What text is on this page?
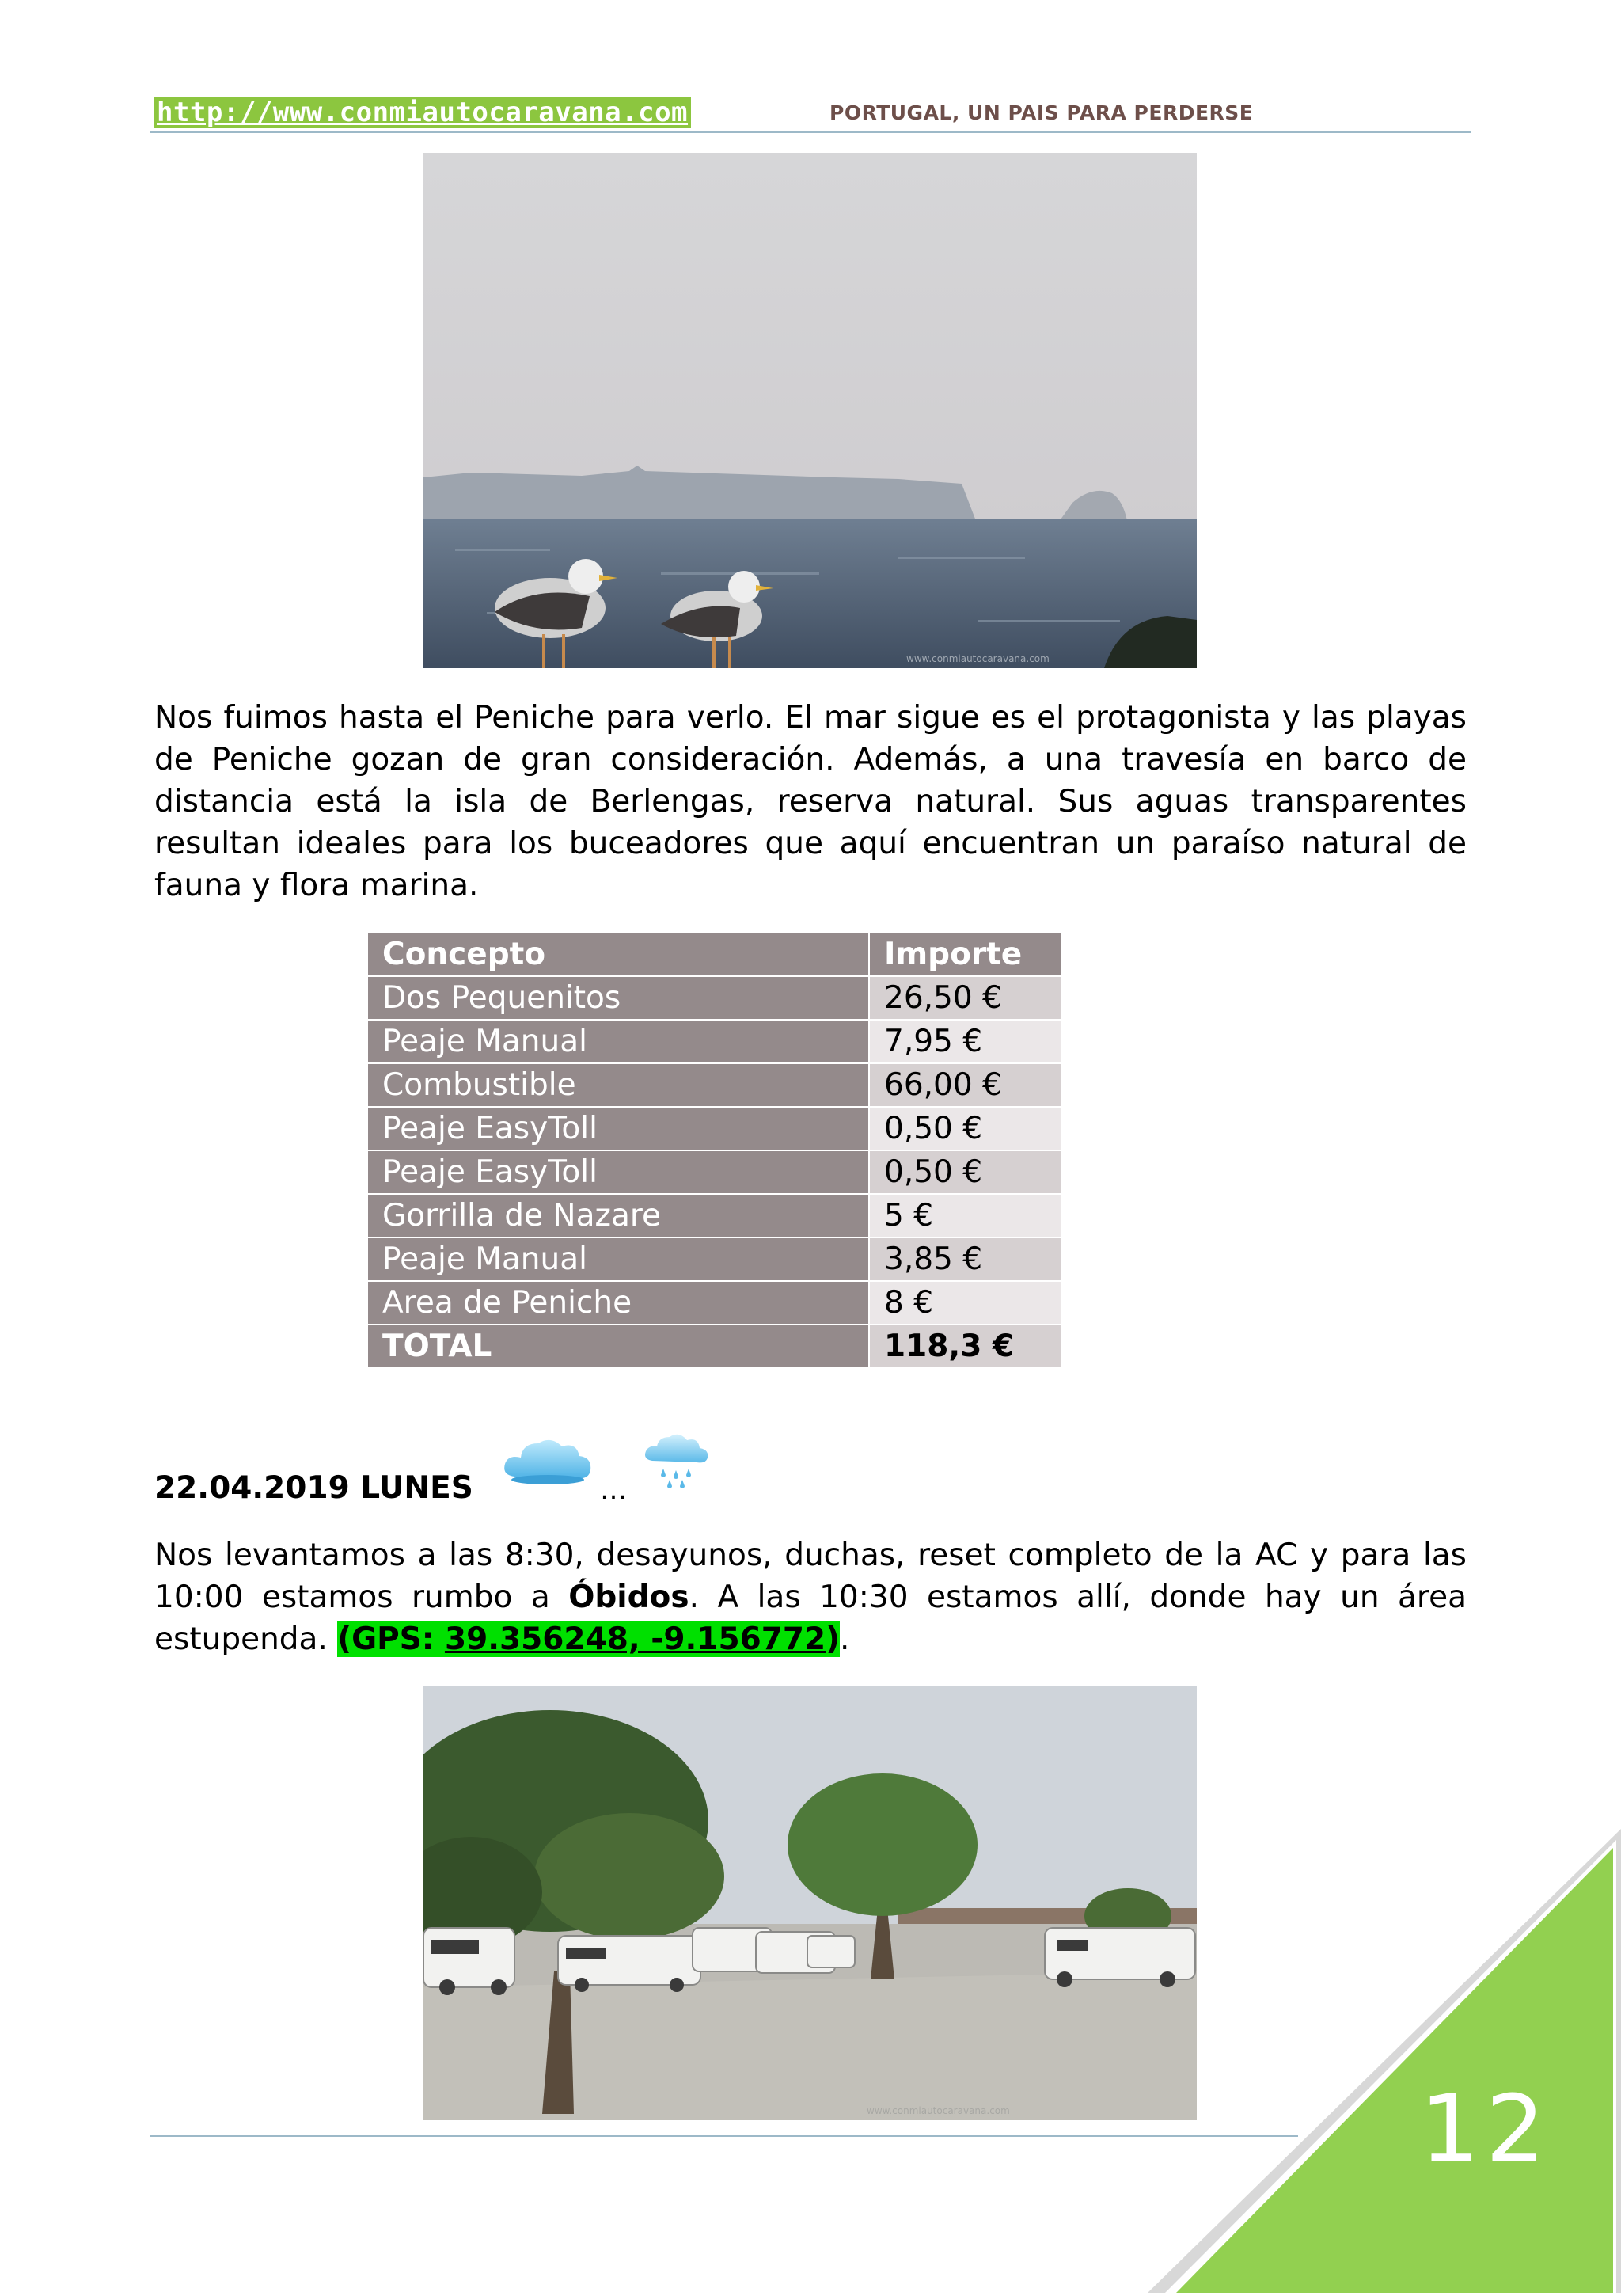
http://www.conmiautocaravana.com	PORTUGAL, UN PAIS PARA PERDERSE
www.conmiautocaravana.com

Nos fuimos hasta el Peniche para verlo. El mar sigue es el protagonista y las playas de Peniche gozan de gran consideración. Además, a una travesía en barco de distancia está la isla de Berlengas, reserva natural. Sus aguas transparentes resultan ideales para los buceadores que aquí encuentran un paraíso natural de fauna y flora marina.

Concepto	Importe
Dos Pequenitos	26,50 €
Peaje Manual	7,95 €
Combustible	66,00 €
Peaje EasyToll	0,50 €
Peaje EasyToll	0,50 €
Gorrilla de Nazare	5 €
Peaje Manual	3,85 €
Area de Peniche	8 €
TOTAL	118,3 €
22.04.2019 LUNES	…

Nos levantamos a las 8:30, desayunos, duchas, reset completo de la AC y para las 10:00 estamos rumbo a Óbidos. A las 10:30 estamos allí, donde hay un área estupenda. (GPS: 39.356248, -9.156772).

www.conmiautocaravana.com	12
